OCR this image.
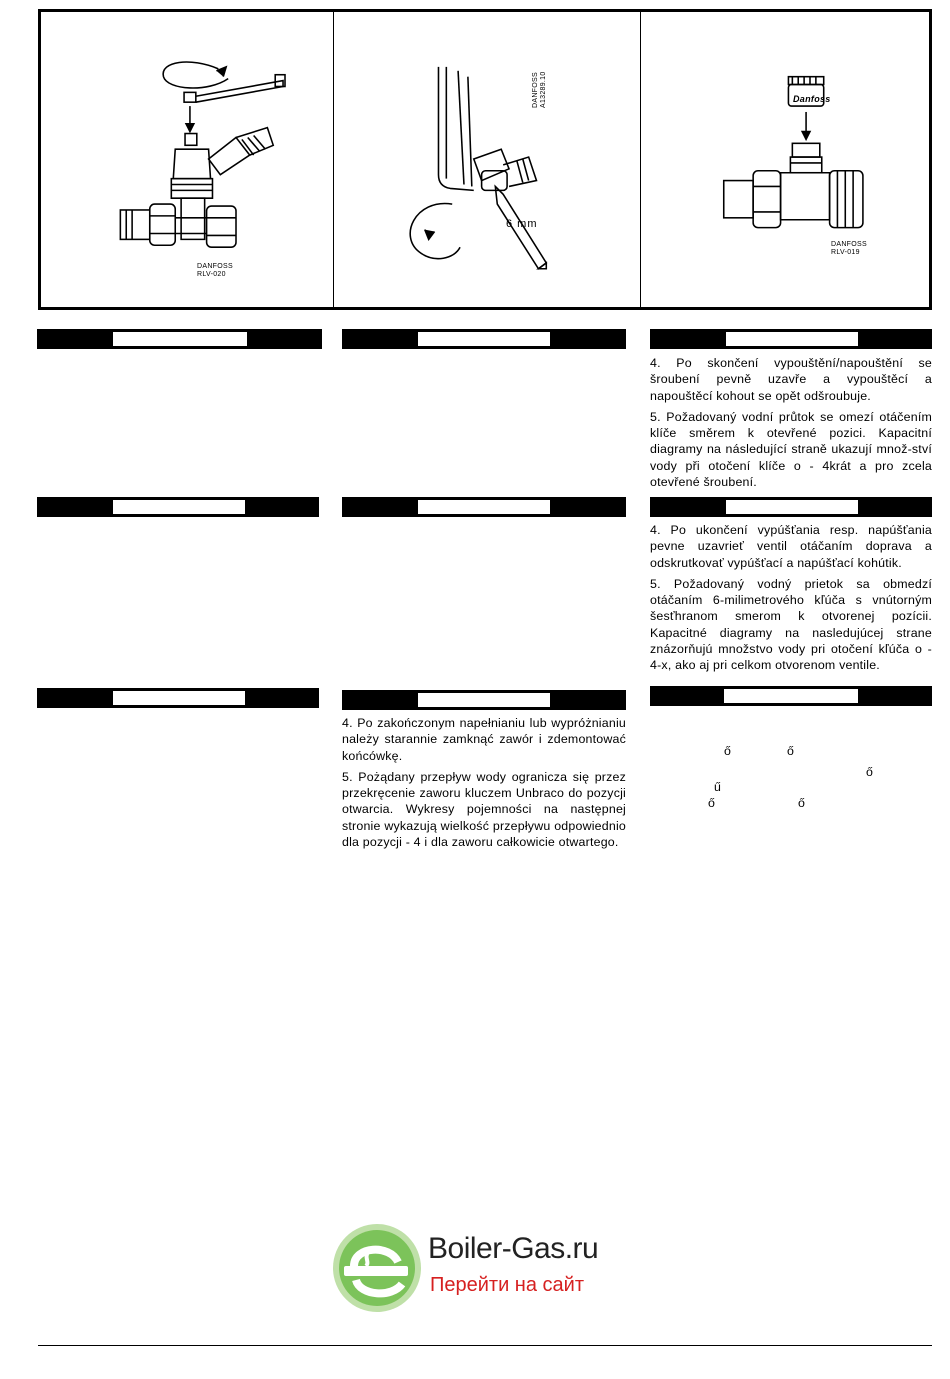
DANFOSS
RLV-020
DANFOSS A13289.10
6 mm
Danfoss
DANFOSS
RLV-019

4. Po skončení vypouštění/napouštění se šroubení pevně uzavře a vypouštěcí a napouštěcí kohout se opět odšroubuje.

5. Požadovaný vodní průtok se omezí otáčením klíče směrem k otevřené pozici. Kapacitní diagramy na následující straně ukazují množ-ství vody při otočení klíče o - 4krát a pro zcela otevřené šroubení.

4. Po ukončení vypúšťania resp. napúšťania pevne uzavrieť ventil otáčaním doprava a odskrutkovať vypúšťací a napúšťací kohútik.

5. Požadovaný vodný prietok sa obmedzí otáčaním 6-milimetrového kľúča s vnútorným šesťhranom smerom k otvorenej pozícii. Kapacitné diagramy na nasledujúcej strane znázorňujú množstvo vody pri otočení kľúča o - 4-x, ako aj pri celkom otvorenom ventile.

4. Po zakończonym napełnianiu lub wypróżnianiu należy starannie zamknąć zawór i zdemontować końcówkę.

5. Pożądany przepływ wody ogranicza się przez przekręcenie zaworu kluczem Unbraco do pozycji otwarcia. Wykresy pojemności na następnej stronie wykazują wielkość przepływu odpowiednio dla pozycji - 4 i dla zaworu całkowicie otwartego.

ő	ő
ő
ű
ő	ő
Boiler-Gas.ru
Перейти на сайт
